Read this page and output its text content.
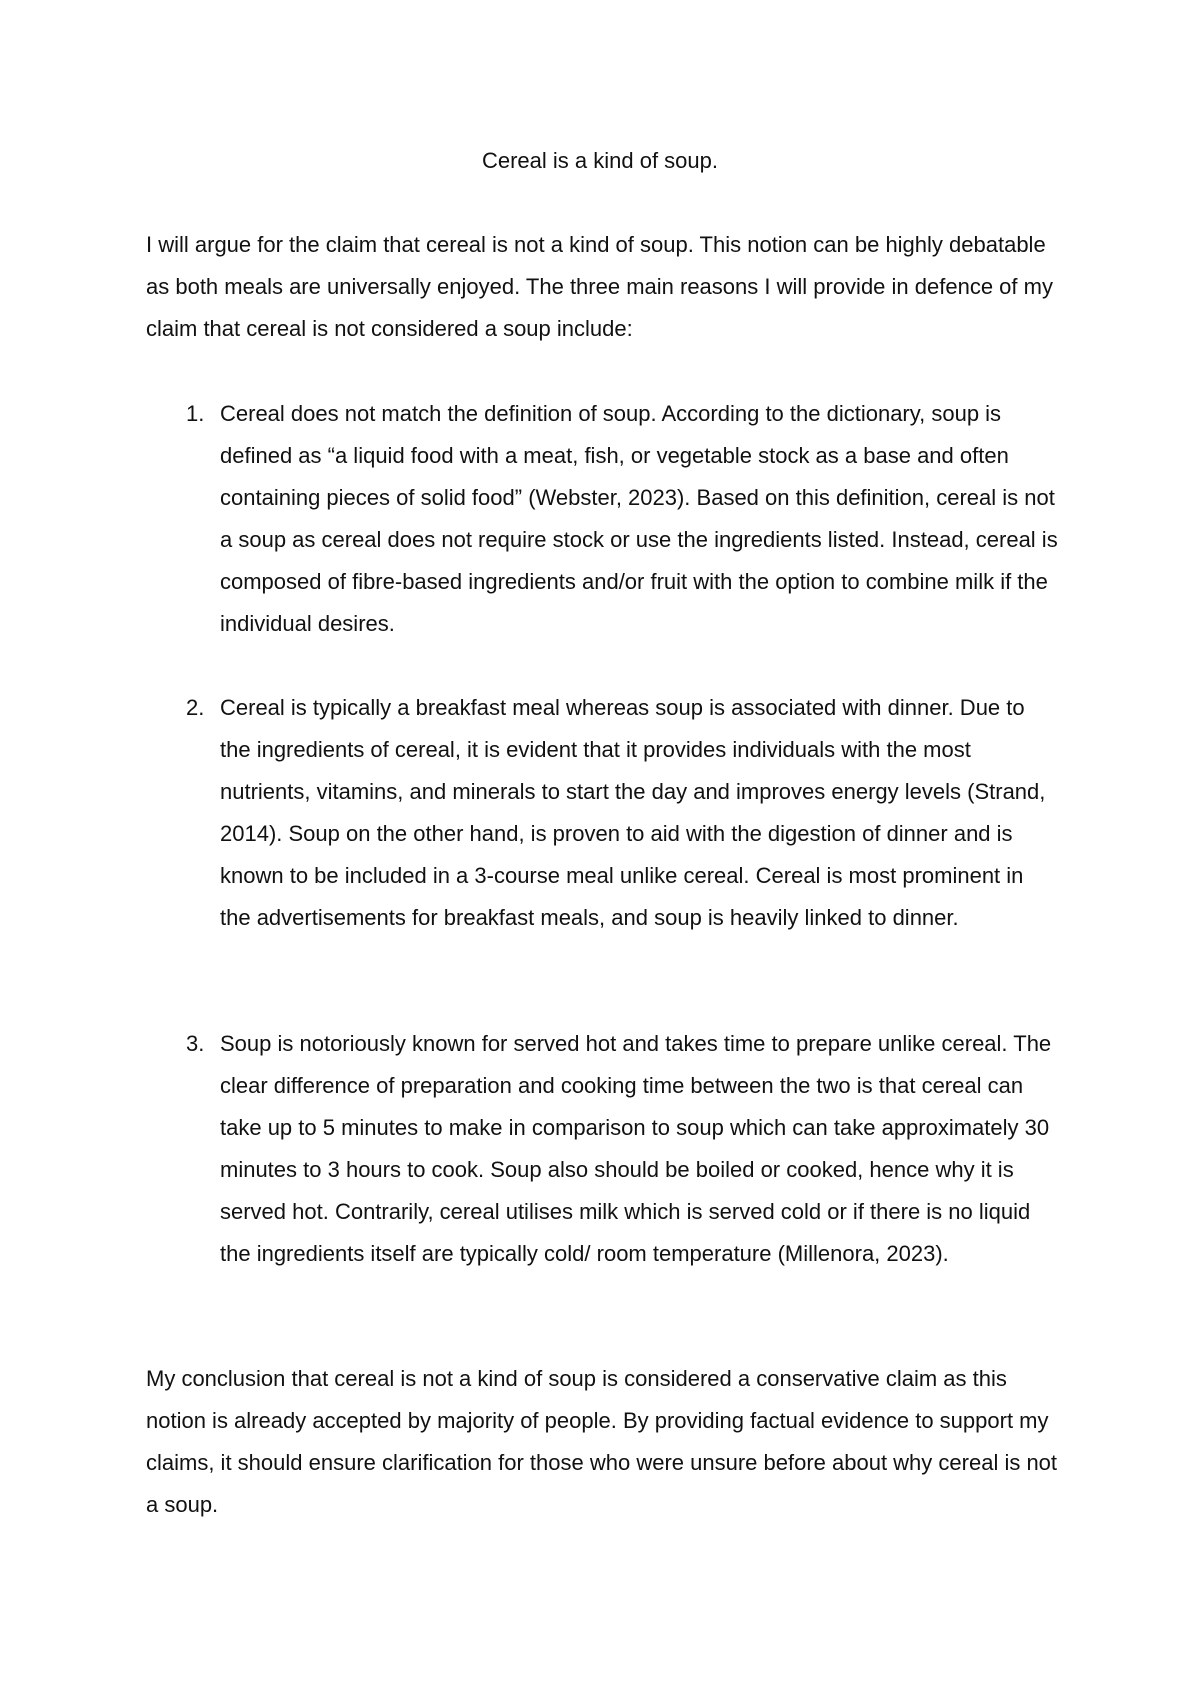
Cereal is a kind of soup.

I will argue for the claim that cereal is not a kind of soup. This notion can be highly debatable as both meals are universally enjoyed. The three main reasons I will provide in defence of my claim that cereal is not considered a soup include:

1. Cereal does not match the definition of soup. According to the dictionary, soup is defined as “a liquid food with a meat, fish, or vegetable stock as a base and often containing pieces of solid food” (Webster, 2023). Based on this definition, cereal is not a soup as cereal does not require stock or use the ingredients listed. Instead, cereal is composed of fibre-based ingredients and/or fruit with the option to combine milk if the individual desires.
2. Cereal is typically a breakfast meal whereas soup is associated with dinner. Due to the ingredients of cereal, it is evident that it provides individuals with the most nutrients, vitamins, and minerals to start the day and improves energy levels (Strand, 2014). Soup on the other hand, is proven to aid with the digestion of dinner and is known to be included in a 3-course meal unlike cereal. Cereal is most prominent in the advertisements for breakfast meals, and soup is heavily linked to dinner.
3. Soup is notoriously known for served hot and takes time to prepare unlike cereal. The clear difference of preparation and cooking time between the two is that cereal can take up to 5 minutes to make in comparison to soup which can take approximately 30 minutes to 3 hours to cook. Soup also should be boiled or cooked, hence why it is served hot. Contrarily, cereal utilises milk which is served cold or if there is no liquid the ingredients itself are typically cold/ room temperature (Millenora, 2023).

My conclusion that cereal is not a kind of soup is considered a conservative claim as this notion is already accepted by majority of people. By providing factual evidence to support my claims, it should ensure clarification for those who were unsure before about why cereal is not a soup.
